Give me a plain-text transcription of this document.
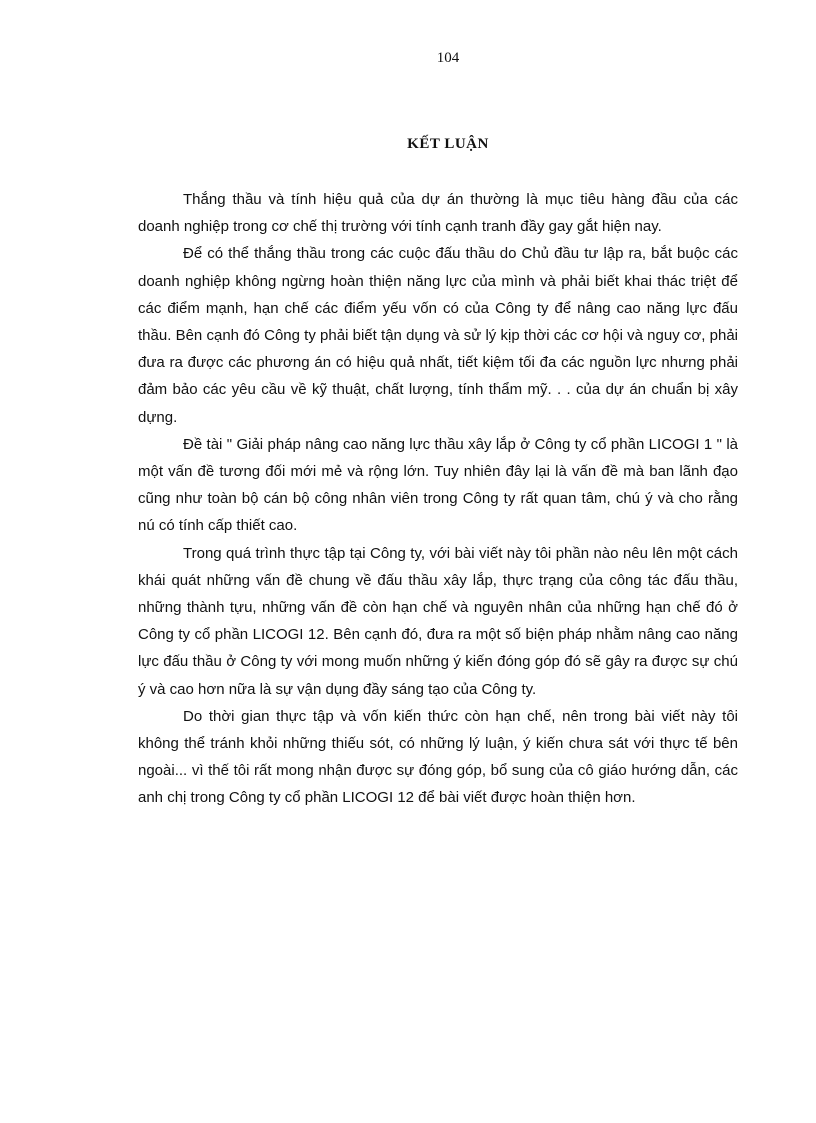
104
KẾT LUẬN

Thắng thầu và tính hiệu quả của dự án thường là mục tiêu hàng đầu của các doanh nghiệp trong cơ chế thị trường với tính cạnh tranh đầy gay gắt hiện nay.

Để có thể thắng thầu trong các cuộc đấu thầu do Chủ đầu tư lập ra, bắt buộc các doanh nghiệp không ngừng hoàn thiện năng lực của mình và phải biết khai thác triệt để các điểm mạnh, hạn chế các điểm yếu vốn có của Công ty để nâng cao năng lực đấu thầu. Bên cạnh đó Công ty phải biết tận dụng và sử lý kịp thời các cơ hội và nguy cơ, phải đưa ra được các phương án có hiệu quả nhất, tiết kiệm tối đa các nguồn lực nhưng phải đảm bảo các yêu cầu về kỹ thuật, chất lượng, tính thẩm mỹ. . . của dự án chuẩn bị xây dựng.

Đề tài " Giải pháp nâng cao năng lực thầu xây lắp ở Công ty cổ phần LICOGI 1 " là một vấn đề tương đối mới mẻ và rộng lớn. Tuy nhiên đây lại là vấn đề mà ban lãnh đạo cũng như toàn bộ cán bộ công nhân viên trong Công ty rất quan tâm, chú ý và cho rằng nú có tính cấp thiết cao.

Trong quá trình thực tập tại Công ty, với bài viết này tôi phần nào nêu lên một cách khái quát những vấn đề chung về đấu thầu xây lắp, thực trạng của công tác đấu thầu, những thành tựu, những vấn đề còn hạn chế và nguyên nhân của những hạn chế đó ở Công ty cổ phần LICOGI 12. Bên cạnh đó, đưa ra một số biện pháp nhằm nâng cao năng lực đấu thầu ở Công ty với mong muốn những ý kiến đóng góp đó sẽ gây ra được sự chú ý và cao hơn nữa là sự vận dụng đầy sáng tạo của Công ty.

Do thời gian thực tập và vốn kiến thức còn hạn chế, nên trong bài viết này tôi không thể tránh khỏi những thiếu sót, có những lý luận, ý kiến chưa sát với thực tế bên ngoài... vì thế tôi rất mong nhận được sự đóng góp, bổ sung của cô giáo hướng dẫn, các anh chị trong Công ty cổ phần LICOGI 12 để bài viết được hoàn thiện hơn.
